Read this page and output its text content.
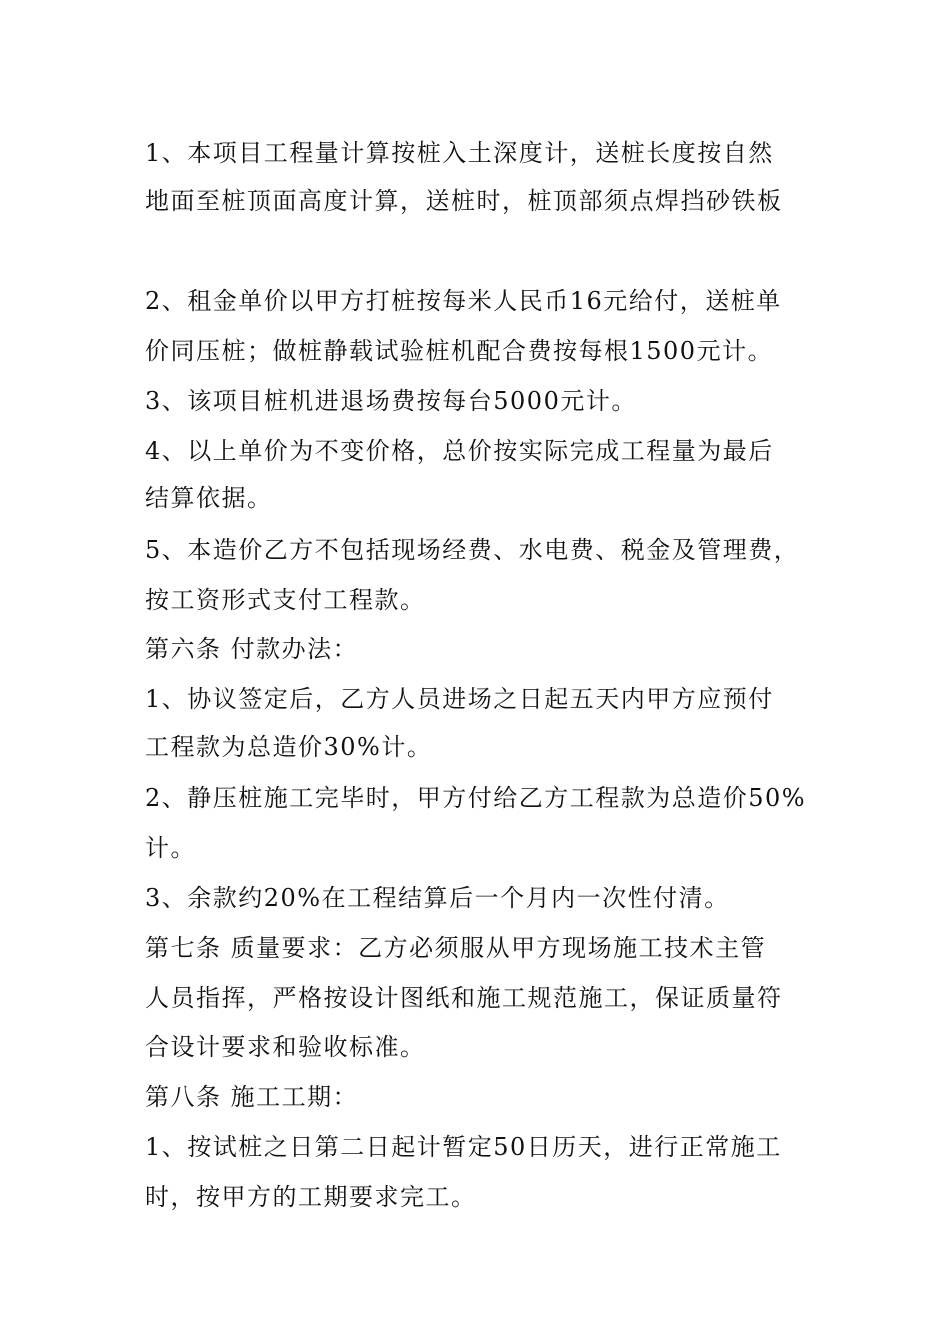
1、本项目工程量计算按桩入土深度计，送桩长度按自然
地面至桩顶面高度计算，送桩时，桩顶部须点焊挡砂铁板
2、租金单价以甲方打桩按每米人民币16元给付，送桩单
价同压桩；做桩静载试验桩机配合费按每根1500元计。
3、该项目桩机进退场费按每台5000元计。
4、以上单价为不变价格，总价按实际完成工程量为最后
结算依据。
5、本造价乙方不包括现场经费、水电费、税金及管理费，
按工资形式支付工程款。
第六条 付款办法：
1、协议签定后，乙方人员进场之日起五天内甲方应预付
工程款为总造价30%计。
2、静压桩施工完毕时，甲方付给乙方工程款为总造价50%
计。
3、余款约20%在工程结算后一个月内一次性付清。
第七条 质量要求：乙方必须服从甲方现场施工技术主管
人员指挥，严格按设计图纸和施工规范施工，保证质量符
合设计要求和验收标准。
第八条 施工工期：
1、按试桩之日第二日起计暂定50日历天，进行正常施工
时，按甲方的工期要求完工。
